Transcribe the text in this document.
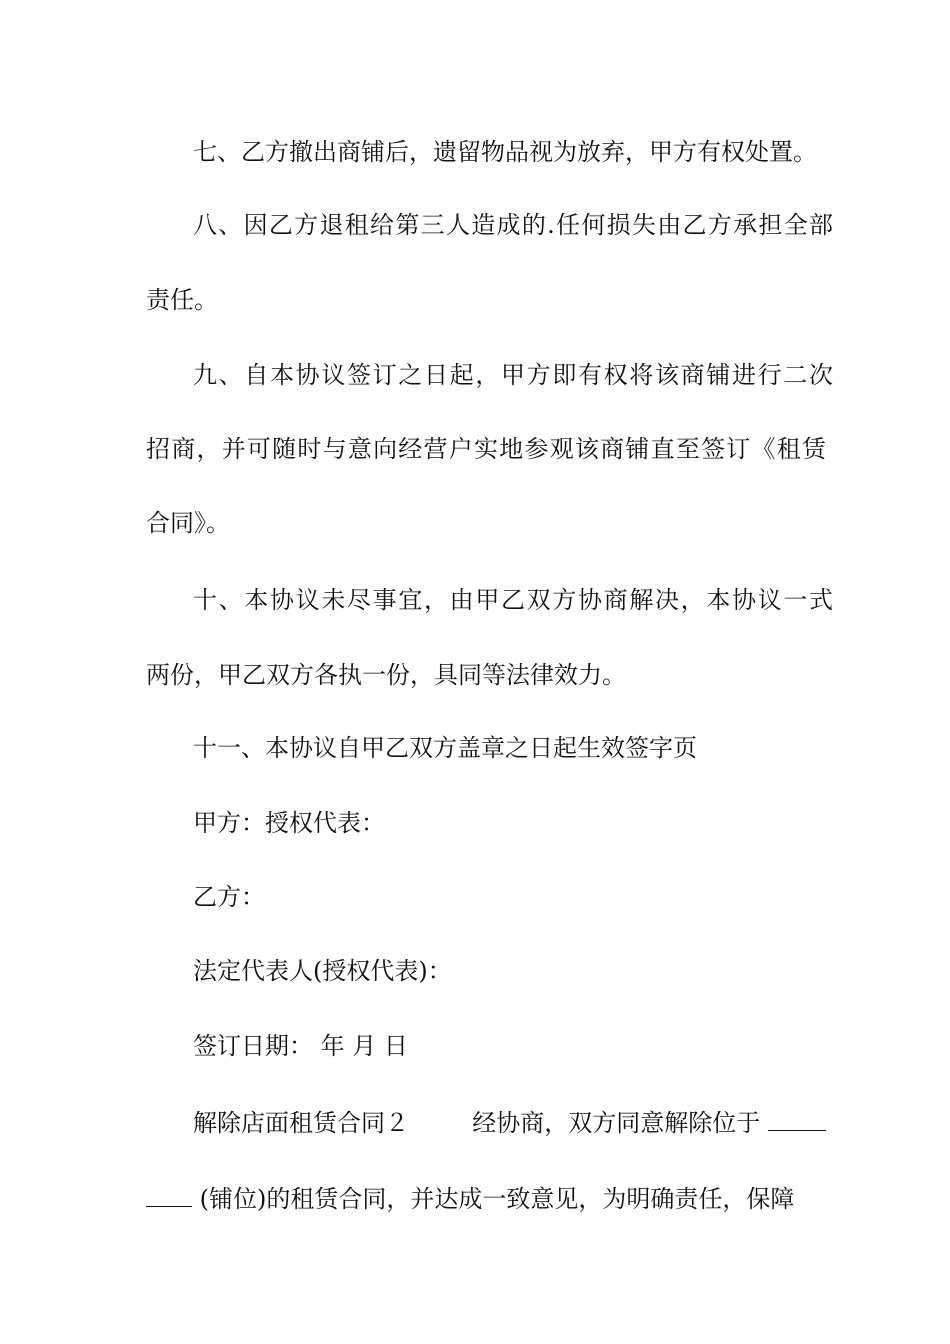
七、乙方撤出商铺后，遗留物品视为放弃，甲方有权处置。
八、因乙方退租给第三人造成的.任何损失由乙方承担全部
责任。
九、自本协议签订之日起，甲方即有权将该商铺进行二次
招商，并可随时与意向经营户实地参观该商铺直至签订《租赁
合同》。
十、本协议未尽事宜，由甲乙双方协商解决，本协议一式
两份，甲乙双方各执一份，具同等法律效力。
十一、本协议自甲乙双方盖章之日起生效签字页
甲方：授权代表：
乙方：
法定代表人(授权代表)：
签订日期： 年 月 日
解除店面租赁合同２	经协商，双方同意解除位于
(铺位)的租赁合同，并达成一致意见，为明确责任，保障
